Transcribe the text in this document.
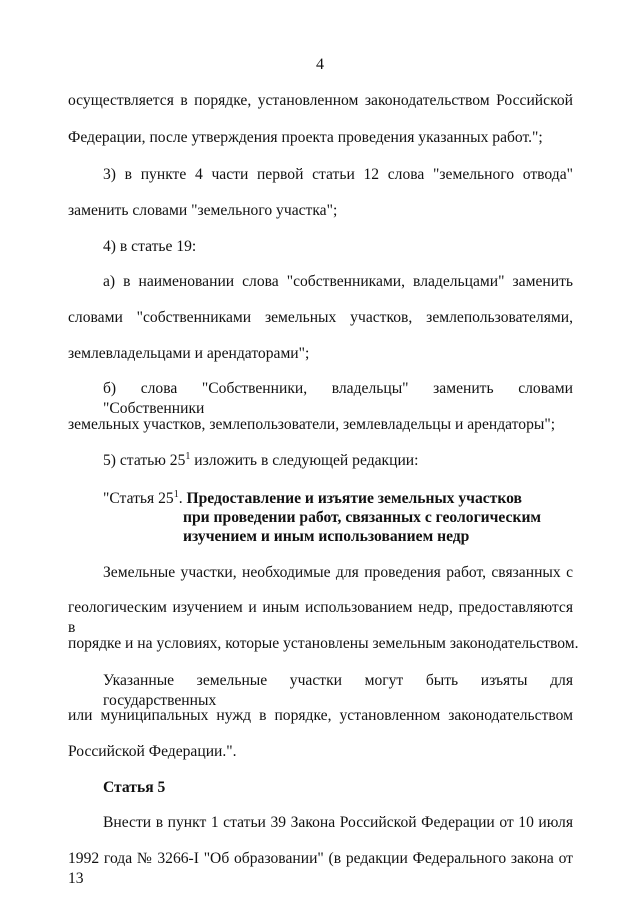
4
осуществляется в порядке, установленном законодательством Российской
Федерации, после утверждения проекта проведения указанных работ.";
3) в пункте 4 части первой статьи 12 слова "земельного отвода"
заменить словами "земельного участка";
4) в статье 19:
а) в наименовании слова "собственниками, владельцами" заменить
словами "собственниками земельных участков, землепользователями,
землевладельцами и арендаторами";
б) слова "Собственники, владельцы" заменить словами "Собственники
земельных участков, землепользователи, землевладельцы и арендаторы";
5) статью $25^1$ изложить в следующей редакции:
"Статья $25^1$. Предоставление и изъятие земельных участков
при проведении работ, связанных с геологическим
изучением и иным использованием недр
Земельные участки, необходимые для проведения работ, связанных с
геологическим изучением и иным использованием недр, предоставляются в
порядке и на условиях, которые установлены земельным законодательством.
Указанные земельные участки могут быть изъяты для государственных
или муниципальных нужд в порядке, установленном законодательством
Российской Федерации.".
Статья 5
Внести в пункт 1 статьи 39 Закона Российской Федерации от 10 июля
1992 года № 3266-I "Об образовании" (в редакции Федерального закона от 13
